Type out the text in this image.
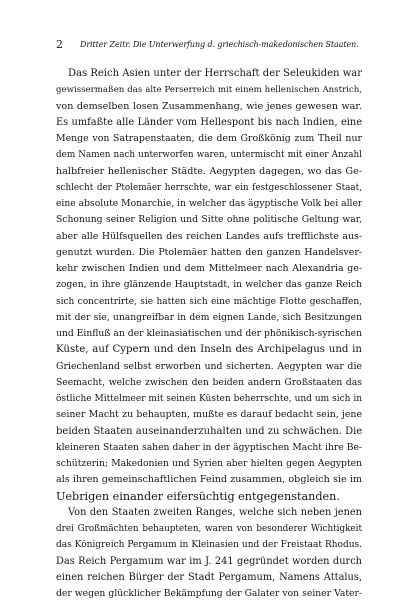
2 Dritter Zeitr. Die Unterwerfung d. griechisch-makedonischen Staaten.
Das Reich Asien unter der Herrschaft der Seleukiden war
gewissermaßen das alte Perserreich mit einem hellenischen Anstrich,
von demselben losen Zusammenhang, wie jenes gewesen war.
Es umfaßte alle Länder vom Hellespont bis nach Indien, eine
Menge von Satrapenstaaten, die dem Großkönig zum Theil nur
dem Namen nach unterworfen waren, untermischt mit einer Anzahl
halbfreier hellenischer Städte. Aegypten dagegen, wo das Ge-
schlecht der Ptolemäer herrschte, war ein festgeschlossener Staat,
eine absolute Monarchie, in welcher das ägyptische Volk bei aller
Schonung seiner Religion und Sitte ohne politische Geltung war,
aber alle Hülfsquellen des reichen Landes aufs trefflichste aus-
genutzt wurden. Die Ptolemäer hatten den ganzen Handelsver-
kehr zwischen Indien und dem Mittelmeer nach Alexandria ge-
zogen, in ihre glänzende Hauptstadt, in welcher das ganze Reich
sich concentrirte, sie hatten sich eine mächtige Flotte geschaffen,
mit der sie, unangreifbar in dem eignen Lande, sich Besitzungen
und Einfluß an der kleinasiatischen und der phönikisch-syrischen
Küste, auf Cypern und den Inseln des Archipelagus und in
Griechenland selbst erworben und sicherten. Aegypten war die
Seemacht, welche zwischen den beiden andern Großstaaten das
östliche Mittelmeer mit seinen Küsten beherrschte, und um sich in
seiner Macht zu behaupten, mußte es darauf bedacht sein, jene
beiden Staaten auseinanderzuhalten und zu schwächen. Die
kleineren Staaten sahen daher in der ägyptischen Macht ihre Be-
schützerin; Makedonien und Syrien aber hielten gegen Aegypten
als ihren gemeinschaftlichen Feind zusammen, obgleich sie im
Uebrigen einander eifersüchtig entgegenstanden.
Von den Staaten zweiten Ranges, welche sich neben jenen
drei Großmächten behaupteten, waren von besonderer Wichtigkeit
das Königreich Pergamum in Kleinasien und der Freistaat Rhodus.
Das Reich Pergamum war im J. 241 gegründet worden durch
einen reichen Bürger der Stadt Pergamum, Namens Attalus,
der wegen glücklicher Bekämpfung der Galater von seiner Vater-
